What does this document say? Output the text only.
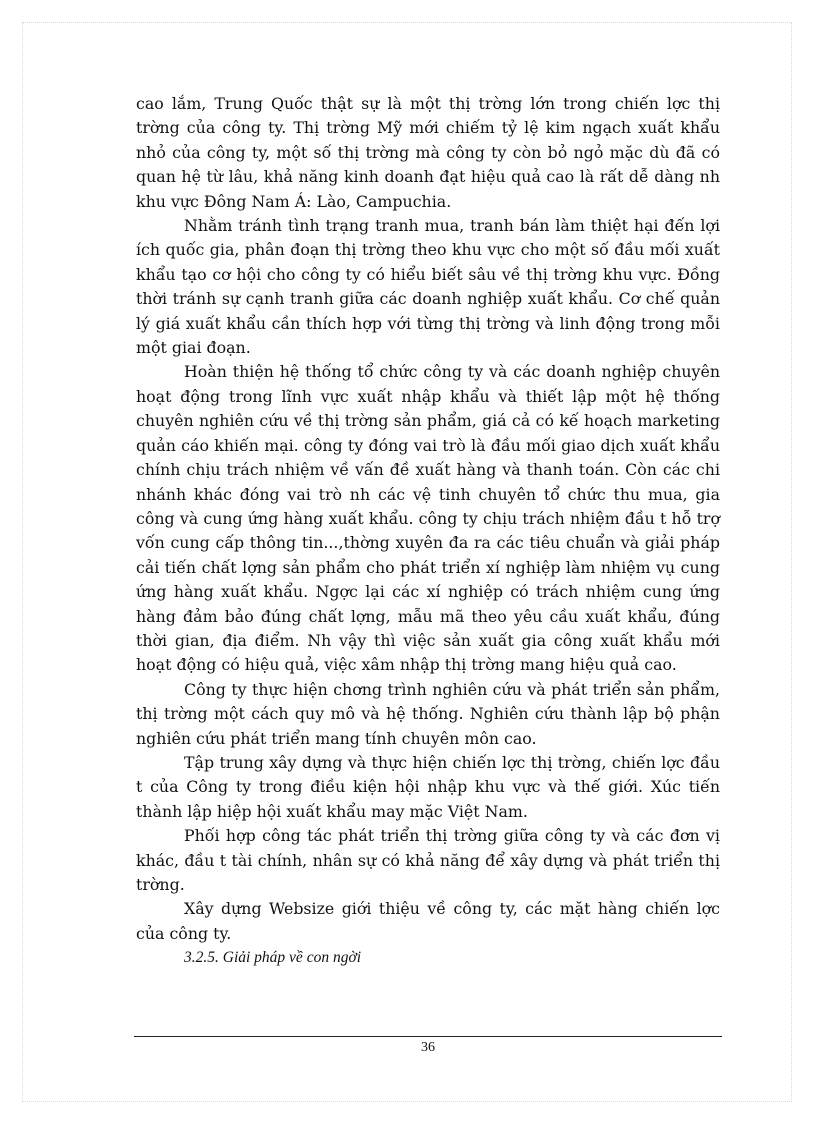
cao lắm, Trung Quốc thật sự là một thị trờng lớn trong chiến lợc thị trờng của công ty. Thị trờng Mỹ mới chiếm tỷ lệ kim ngạch xuất khẩu nhỏ của công ty, một số thị trờng mà công ty còn bỏ ngỏ mặc dù đã có quan hệ từ lâu, khả năng kinh doanh đạt hiệu quả cao là rất dễ dàng nh khu vực Đông Nam Á: Lào, Campuchia.

Nhằm tránh tình trạng tranh mua, tranh bán làm thiệt hại đến lợi ích quốc gia, phân đoạn thị trờng theo khu vực cho một số đầu mối xuất khẩu tạo cơ hội cho công ty có hiểu biết sâu về thị trờng khu vực. Đồng thời tránh sự cạnh tranh giữa các doanh nghiệp xuất khẩu. Cơ chế quản lý giá xuất khẩu cần thích hợp với từng thị trờng và linh động trong mỗi một giai đoạn.

Hoàn thiện hệ thống tổ chức công ty và các doanh nghiệp chuyên hoạt động trong lĩnh vực xuất nhập khẩu và thiết lập một hệ thống chuyên nghiên cứu về thị trờng sản phẩm, giá cả có kế hoạch marketing quản cáo khiến mại. công ty đóng vai trò là đầu mối giao dịch xuất khẩu chính chịu trách nhiệm về vấn đề xuất hàng và thanh toán. Còn các chi nhánh khác đóng vai trò nh các vệ tinh chuyên tổ chức thu mua, gia công và cung ứng hàng xuất khẩu. công ty chịu trách nhiệm đầu t hỗ trợ vốn cung cấp thông tin...,thờng xuyên đa ra các tiêu chuẩn và giải pháp cải tiến chất lợng sản phẩm cho phát triển xí nghiệp làm nhiệm vụ cung ứng hàng xuất khẩu. Ngợc lại các xí nghiệp có trách nhiệm cung ứng hàng đảm bảo đúng chất lợng, mẫu mã theo yêu cầu xuất khẩu, đúng thời gian, địa điểm. Nh vậy thì việc sản xuất gia công xuất khẩu mới hoạt động có hiệu quả, việc xâm nhập thị trờng mang hiệu quả cao.

Công ty thực hiện chơng trình nghiên cứu và phát triển sản phẩm, thị trờng một cách quy mô và hệ thống. Nghiên cứu thành lập bộ phận nghiên cứu phát triển mang tính chuyên môn cao.

Tập trung xây dựng và thực hiện chiến lợc thị trờng, chiến lợc đầu t của Công ty trong điều kiện hội nhập khu vực và thế giới. Xúc tiến thành lập hiệp hội xuất khẩu may mặc Việt Nam.

Phối hợp công tác phát triển thị trờng giữa công ty và các đơn vị khác, đầu t tài chính, nhân sự có khả năng để xây dựng và phát triển thị trờng.

Xây dựng Websize giới thiệu về công ty, các mặt hàng chiến lợc của công ty.

3.2.5. Giải pháp về con ngời

36
